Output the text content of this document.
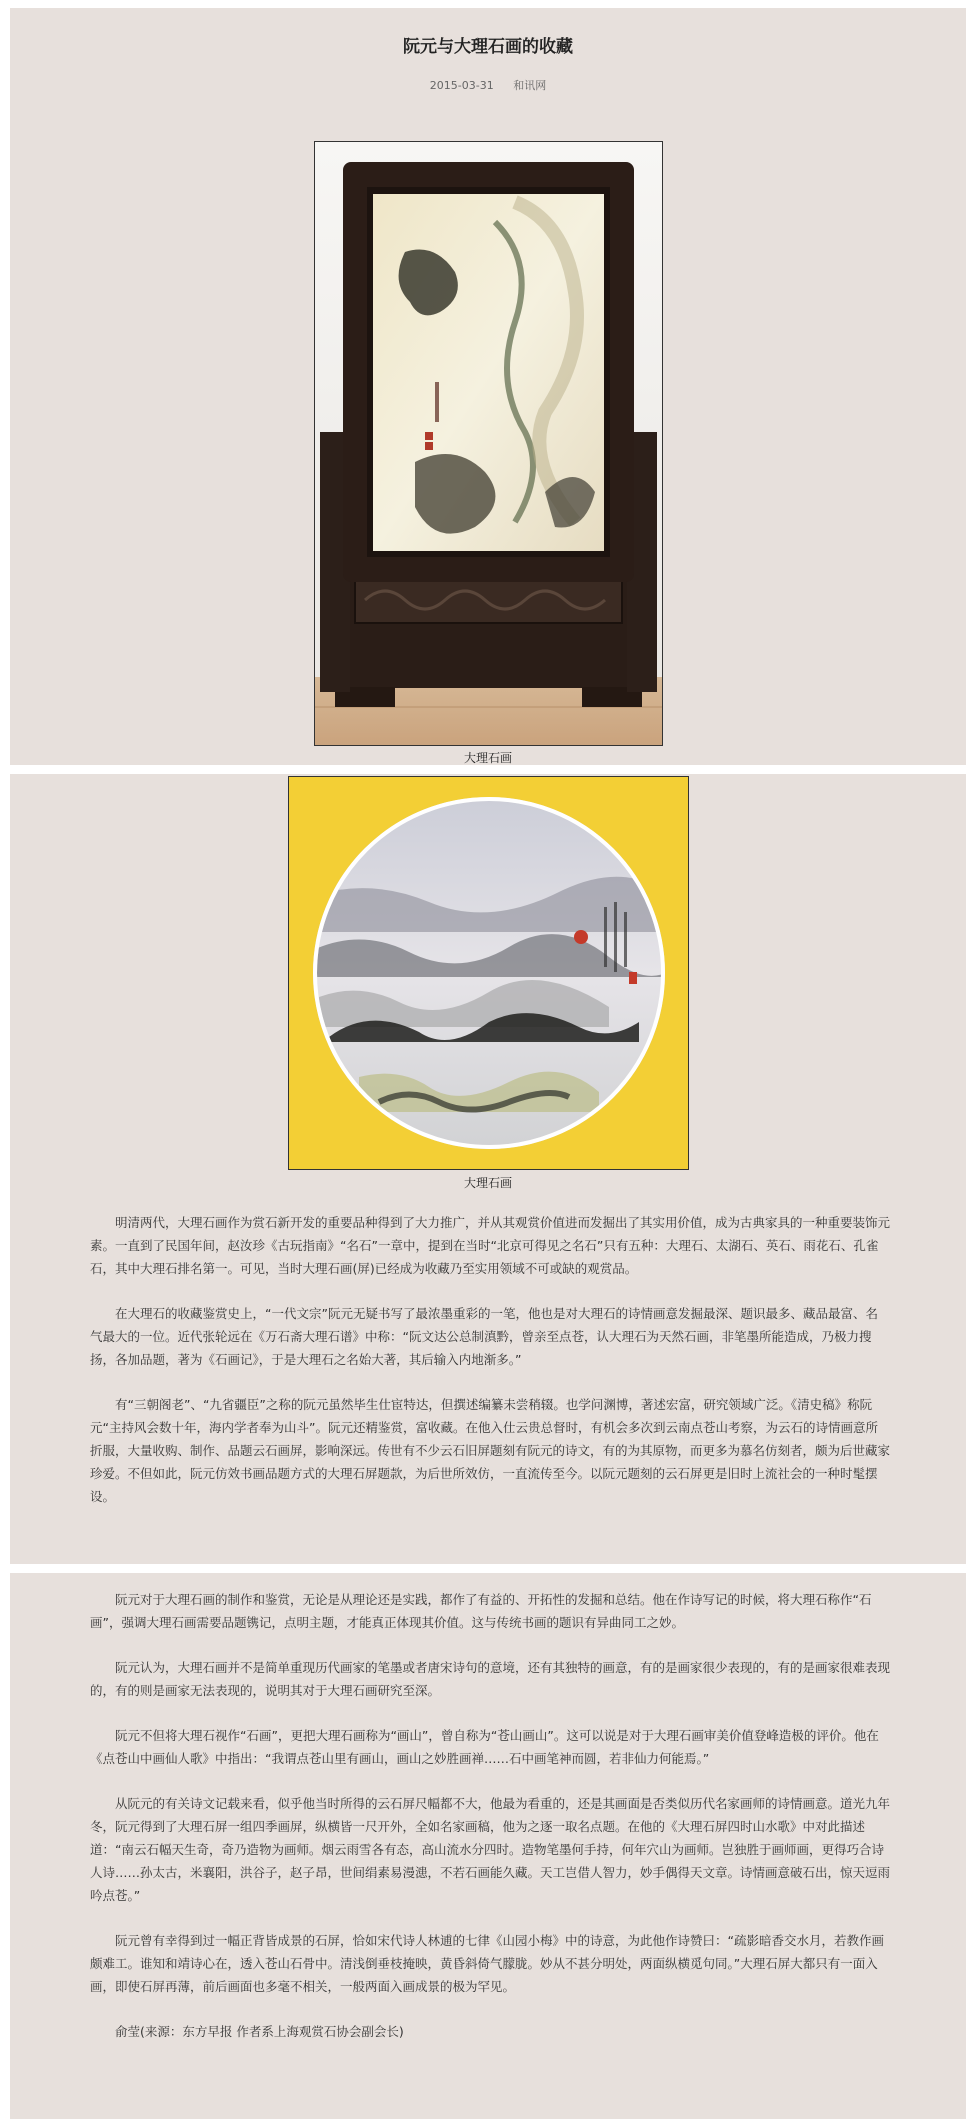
阮元与大理石画的收藏
2015-03-31 和讯网
大理石画
大理石画

明清两代，大理石画作为赏石新开发的重要品种得到了大力推广，并从其观赏价值进而发掘出了其实用价值，成为古典家具的一种重要装饰元素。一直到了民国年间，赵汝珍《古玩指南》“名石”一章中，提到在当时“北京可得见之名石”只有五种：大理石、太湖石、英石、雨花石、孔雀石，其中大理石排名第一。可见，当时大理石画(屏)已经成为收藏乃至实用领域不可或缺的观赏品。

在大理石的收藏鉴赏史上，“一代文宗”阮元无疑书写了最浓墨重彩的一笔，他也是对大理石的诗情画意发掘最深、题识最多、藏品最富、名气最大的一位。近代张轮远在《万石斋大理石谱》中称：“阮文达公总制滇黔，曾亲至点苍，认大理石为天然石画，非笔墨所能造成，乃极力搜扬，各加品题，著为《石画记》，于是大理石之名始大著，其后输入内地渐多。”

有“三朝阁老”、“九省疆臣”之称的阮元虽然毕生仕宦特达，但撰述编纂未尝稍辍。也学问渊博，著述宏富，研究领域广泛。《清史稿》称阮元“主持风会数十年，海内学者奉为山斗”。阮元还精鉴赏，富收藏。在他入仕云贵总督时，有机会多次到云南点苍山考察，为云石的诗情画意所折服，大量收购、制作、品题云石画屏，影响深远。传世有不少云石旧屏题刻有阮元的诗文，有的为其原物，而更多为慕名仿刻者，颇为后世藏家珍爱。不但如此，阮元仿效书画品题方式的大理石屏题款，为后世所效仿，一直流传至今。以阮元题刻的云石屏更是旧时上流社会的一种时髦摆设。

阮元对于大理石画的制作和鉴赏，无论是从理论还是实践，都作了有益的、开拓性的发掘和总结。他在作诗写记的时候，将大理石称作“石画”，强调大理石画需要品题镌记，点明主题，才能真正体现其价值。这与传统书画的题识有异曲同工之妙。

阮元认为，大理石画并不是简单重现历代画家的笔墨或者唐宋诗句的意境，还有其独特的画意，有的是画家很少表现的，有的是画家很难表现的，有的则是画家无法表现的，说明其对于大理石画研究至深。

阮元不但将大理石视作“石画”，更把大理石画称为“画山”，曾自称为“苍山画山”。这可以说是对于大理石画审美价值登峰造极的评价。他在《点苍山中画仙人歌》中指出：“我谓点苍山里有画山，画山之妙胜画禅……石中画笔神而圆，若非仙力何能焉。”

从阮元的有关诗文记载来看，似乎他当时所得的云石屏尺幅都不大，他最为看重的，还是其画面是否类似历代名家画师的诗情画意。道光九年冬，阮元得到了大理石屏一组四季画屏，纵横皆一尺开外，全如名家画稿，他为之逐一取名点题。在他的《大理石屏四时山水歌》中对此描述道：“南云石幅天生奇，奇乃造物为画师。烟云雨雪各有态，高山流水分四时。造物笔墨何手持，何年穴山为画师。岂独胜于画师画，更得巧合诗人诗……孙太古，米襄阳，洪谷子，赵子昂，世间绢素易漫漶，不若石画能久藏。天工岂借人智力，妙手偶得天文章。诗情画意破石出，惊天逗雨吟点苍。”

阮元曾有幸得到过一幅正背皆成景的石屏，恰如宋代诗人林逋的七律《山园小梅》中的诗意，为此他作诗赞曰：“疏影暗香交水月，若教作画颇难工。谁知和靖诗心在，透入苍山石骨中。清浅倒垂枝掩映，黄昏斜倚气朦胧。妙从不甚分明处，两面纵横觅句同。”大理石屏大都只有一面入画，即使石屏再薄，前后画面也多毫不相关，一般两面入画成景的极为罕见。

俞莹(来源：东方早报 作者系上海观赏石协会副会长)
